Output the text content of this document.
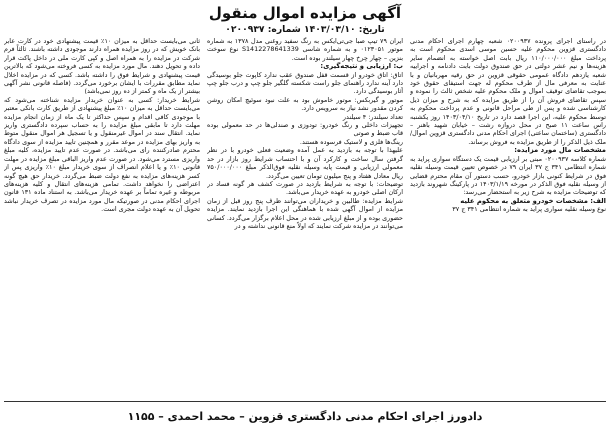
آگهی مزایده اموال منقول
تاریخ: ۱۴۰۳/۰۳/۱۰ شماره: ۰۲۰۰۹۳۷

در راستای اجرای پرونده ۰۲۰۰۹۳۷ شعبه چهارم اجرای احکام مدنی دادگستری قزوین محکوم علیه حسین موسی اسدی محکوم است به پرداخت مبلغ ۱۱۰/۰۰۰/۰۰۰ ریال بابت اصل خواسته به انضمام سایر هزینه‌ها و نیم عشر دولتی در حق صندوق دولت بابت دادنامه و اجراییه شعبه یازدهم دادگاه عمومی حقوقی قزوین در حق رقیه مهربانیان و با عنایت به معرفی مال از طرف محکوم له جهت استیفای حقوق خود بموجب تقاضای توقیف اموال و ملک محکوم علیه شخص ثالث را نموده و سپس تقاضای فروش آن را از طریق مزایده که به شرح و میزان ذیل کارشناسی شده و پس از طی مراحل قانونی و عدم پرداخت محکوم به توسط محکوم علیه، این اجرا قصد دارد در تاریخ ۱۴۰۳/۰۴/۱۰ روز یکشنبه راس ساعت ۱۱ صبح در محل دروازه رشت – خیابان شهید باهنر – دادگستری (ساختمان ساعتی) اجرای احکام مدنی دادگستری قزوین اموال/ملک ذیل الذکر را از طریق مزایده به فروش برساند.

مشخصات مال مورد مزایده:

شماره کلاسه ۰۲۰۰۹۳۷ مبنی بر ارزیابی قیمت یک دستگاه سواری پراید به شماره انتظامی ۳۴۱ ج ۳۷ ایران ۷۹ در خصوص تعیین قیمت وسیله نقلیه فوق در شرایط کنونی بازار خودرو، حسب دستور آن مقام محترم قضایی از وسیله نقلیه فوق الذکر در مورخه ۱۴۰۳/۱/۱۹ در پارکینگ شهروند بازدید که توضیحات مزایده به شرح زیر به استحضار می‌رسد:

الف: مشخصات خودرو متعلق به محکوم علیه

نوع وسیله نقلیه سواری پراید به شماره انتظامی ۳۴۱ ج ۳۷

ایران ۷۹ تیپ صبا جی‌تی‌ایکس به رنگ سفید روغنی مدل ۱۳۷۸ به شماره موتور ۰۱۲۳۰۵۱ و به شماره شاسی S1412278641339 نوع سوخت بنزین – چهار چرخ چهار سیلندر بوده است.

ب: ارزیابی و نتیجه‌گیری:

اتاق: اتاق خودرو از قسمت قفل صندوق عقب ندارد کاپوت جلو بوسیدگی دارد آینه ندارد راهنمای جلو راست شکسته گلگیر جلو چپ و درب جلو چپ آثار بوسیدگی دارد.

موتور و گیربکس: موتور خاموش بود به علت نبود سوئیچ امکان روشن کردن مقدور نشد نیاز به سرویس دارد.

تعداد سیلندر: ۴ سیلندر

تجهیزات داخلی و رنگ خودرو: تودوزی و صندلی‌ها در حد معمولی بوده قاب ضبط و صوتی

رینگ‌ها فلزی و لاستیک فرسوده هستند.

علیهذا با توجه به بازدید به عمل آمده وضعیت فعلی خودرو با در نظر گرفتن سال ساخت و کارکرد آن و با احتساب شرایط روز بازار در حد معمولی ارزیابی و قیمت پایه وسیله نقلیه فوق‌الذکر مبلغ ۷۵۰/۰۰۰/۰۰۰ ریال معادل هفتاد و پنج میلیون تومان تعیین می‌گردد.

توضیحات: با توجه به شرایط بازدید در صورت کشف هر گونه فساد در ارکان اصلی خودرو به عهده خریدار می‌باشد.

شرایط مزایده: طالبین و خریداران می‌توانند ظرف پنج روز قبل از زمان مزایده از اموال آگهی شده با هماهنگی این اجرا بازدید نمایند. مزایده حضوری بوده و از مبلغ ارزیابی شده در محل اعلام برگزار می‌گردد. کسانی می‌توانند در مزایده شرکت نمایند که اولاً منع قانونی نداشته و در

ثانی می‌بایست حداقل به میزان ۱۰٪ قیمت پیشنهادی خود در کارت عابر بانک خویش که در روز مزایده همراه دارند موجودی داشته باشند. ثالثاً فرم شرکت در مزایده را به همراه اصل و کپی کارت ملی در داخل پاکت قرار داده و تحویل دهند. مال مورد مزایده به کسی فروخته می‌شود که بالاترین قیمت پیشنهادی و شرایط فوق را داشته باشد. کسی که در مزایده اخلال نماید مطابق مقررات با ایشان برخورد می‌گردد. (فاصله قانونی نشر آگهی بیشتر از یک ماه و کمتر از ده روز نمی‌باشد)

شرایط خریدار: کسی به عنوان خریدار مزایده شناخته می‌شود که می‌بایست حداقل به میزان ۱۰٪ مبلغ پیشنهادی از طریق کارت بانکی معتبر با موجودی کافی اقدام و سپس حداکثر تا یک ماه از زمان انجام مزایده مهلت دارد تا مابقی مبلغ مزایده را به حساب سپرده دادگستری واریز نماید. انتقال سند در اموال غیرمنقول و یا تسجیل هر اموال منقول متوط به واریز بهای مزایده در موعد مقرر و همچنین تایید مزایده از سوی دادگاه محترم صادرکننده رای می‌باشد. در صورت عدم تایید مزایده، کلیه مبلغ واریزی مسترد می‌شود. در صورت عدم واریز الباقی مبلغ مزایده در مهلت قانونی ۱۰٪ و یا اعلام انصراف از سوی خریدار مبلغ ۱۰٪ واریزی پس از کسر هزینه‌های مزایده به نفع دولت ضبط می‌گردد. خریدار حق هیچ گونه اعتراضی را نخواهد داشت. تمامی هزینه‌های انتقال و کلیه هزینه‌های مربوطه و غیره تماماً بر عهده خریدار می‌باشد. به استناد ماده ۱۳۱ قانون اجرای احکام مدنی در صورتیکه مال مورد مزایده در تصرف خریدار نباشد تحویل آن به عهده دولت مجری است.

دادورز اجرای احکام مدنی دادگستری قزوین – محمد احمدی – ۱۱۵۵
